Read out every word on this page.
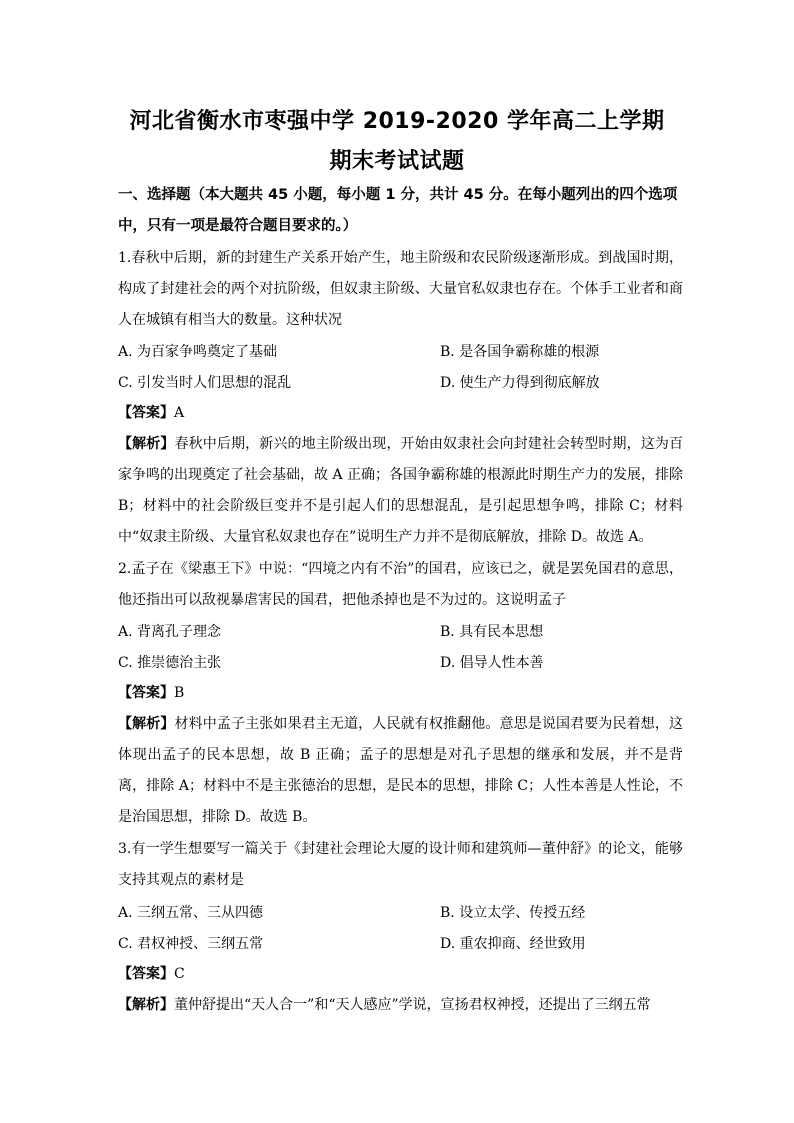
河北省衡水市枣强中学 2019-2020 学年高二上学期
期末考试试题
一、选择题（本大题共 45 小题，每小题 1 分，共计 45 分。在每小题列出的四个选项中，只有一项是最符合题目要求的。）
1.春秋中后期，新的封建生产关系开始产生，地主阶级和农民阶级逐渐形成。到战国时期，构成了封建社会的两个对抗阶级，但奴隶主阶级、大量官私奴隶也存在。个体手工业者和商人在城镇有相当大的数量。这种状况
A. 为百家争鸣奠定了基础	B. 是各国争霸称雄的根源
C. 引发当时人们思想的混乱	D. 使生产力得到彻底解放
【答案】A
【解析】春秋中后期，新兴的地主阶级出现，开始由奴隶社会向封建社会转型时期，这为百家争鸣的出现奠定了社会基础，故 A 正确；各国争霸称雄的根源此时期生产力的发展，排除 B；材料中的社会阶级巨变并不是引起人们的思想混乱，是引起思想争鸣，排除 C；材料中“奴隶主阶级、大量官私奴隶也存在”说明生产力并不是彻底解放，排除 D。故选 A。
2.孟子在《梁惠王下》中说：“四境之内有不治”的国君，应该已之，就是罢免国君的意思，他还指出可以敌视暴虐害民的国君，把他杀掉也是不为过的。这说明孟子
A. 背离孔子理念	B. 具有民本思想
C. 推崇德治主张	D. 倡导人性本善
【答案】B
【解析】材料中孟子主张如果君主无道，人民就有权推翻他。意思是说国君要为民着想，这体现出孟子的民本思想，故 B 正确；孟子的思想是对孔子思想的继承和发展，并不是背离，排除 A；材料中不是主张德治的思想，是民本的思想，排除 C；人性本善是人性论，不是治国思想，排除 D。故选 B。
3.有一学生想要写一篇关于《封建社会理论大厦的设计师和建筑师—董仲舒》的论文，能够支持其观点的素材是
A. 三纲五常、三从四德	B. 设立太学、传授五经
C. 君权神授、三纲五常	D. 重农抑商、经世致用
【答案】C
【解析】董仲舒提出“天人合一”和“天人感应”学说，宣扬君权神授，还提出了三纲五常
